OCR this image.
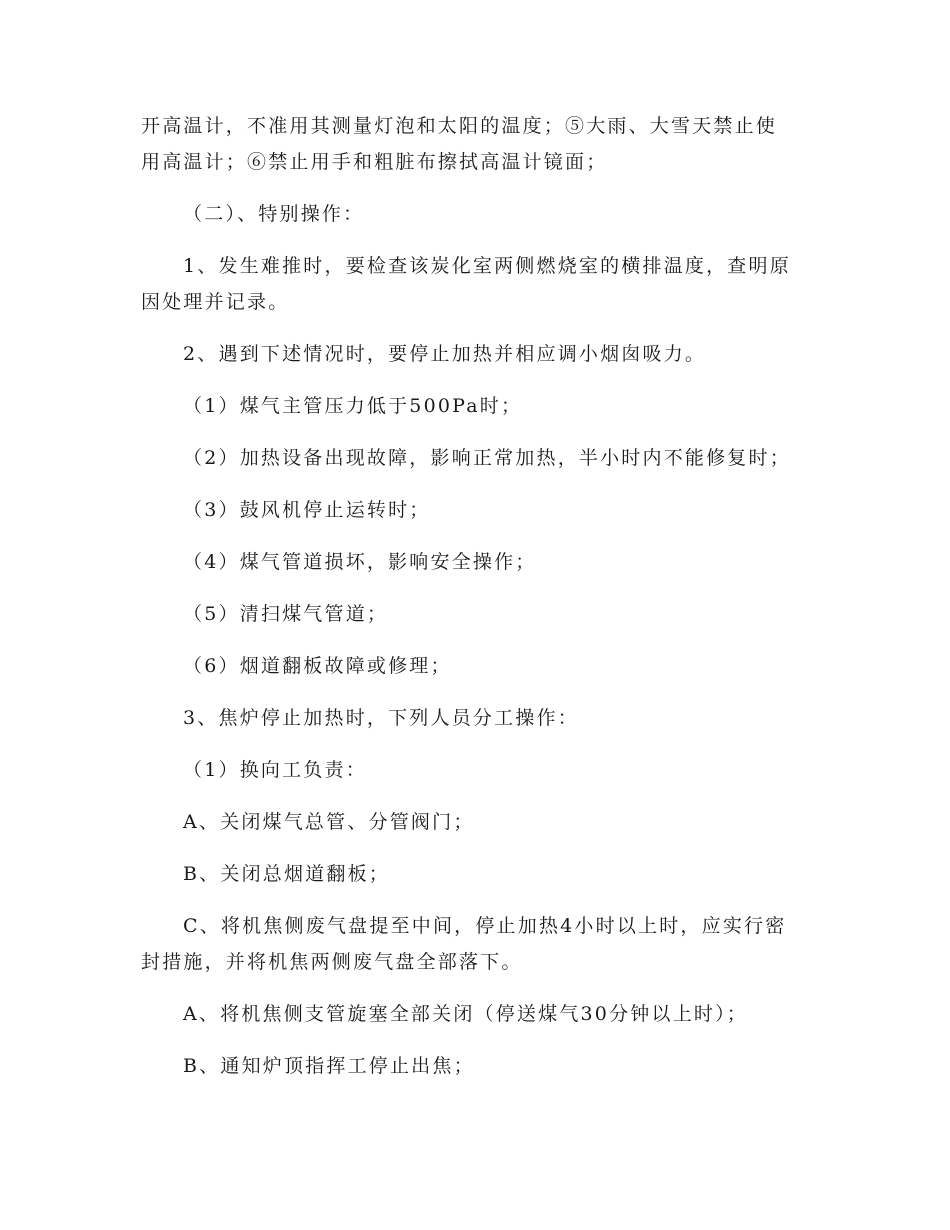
开高温计，不准用其测量灯泡和太阳的温度；⑤大雨、大雪天禁止使

用高温计；⑥禁止用手和粗脏布擦拭高温计镜面；

（二）、特别操作：

1、发生难推时，要检查该炭化室两侧燃烧室的横排温度，查明原

因处理并记录。

2、遇到下述情况时，要停止加热并相应调小烟囱吸力。

（1）煤气主管压力低于500Pa时；

（2）加热设备出现故障，影响正常加热，半小时内不能修复时；

（3）鼓风机停止运转时；

（4）煤气管道损坏，影响安全操作；

（5）清扫煤气管道；

（6）烟道翻板故障或修理；

3、焦炉停止加热时，下列人员分工操作：

（1）换向工负责：

A、关闭煤气总管、分管阀门；

B、关闭总烟道翻板；

C、将机焦侧废气盘提至中间，停止加热4小时以上时，应实行密

封措施，并将机焦两侧废气盘全部落下。

A、将机焦侧支管旋塞全部关闭（停送煤气30分钟以上时）；

B、通知炉顶指挥工停止出焦；
